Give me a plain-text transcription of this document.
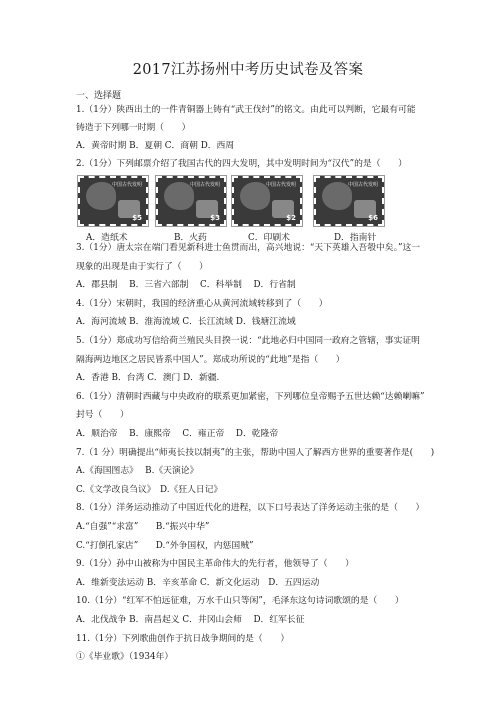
2017江苏扬州中考历史试卷及答案
一、选择题
1.（1分）陕西出土的一件青铜器上铸有“武王伐纣”的铭文。由此可以判断，它最有可能
铸造于下列哪一时期（　　）
A．黄帝时期 B．夏朝 C．商朝 D．西周
2.（1分）下列邮票介绍了我国古代的四大发明，其中发明时间为“汉代”的是（　　）
中国古代发明
$5
中国古代发明
$3
中国古代发明
$2
中国古代发明
$6
A．造纸术	B．火药	C．印刷术	D．指南针
3.（1分）唐太宗在端门看见新科进士鱼贯而出，高兴地说：“天下英雄入吾彀中矣。”这一
现象的出现是由于实行了（　　）
A．郡县制　 B．三省六部制　 C．科举制　 D．行省制
4.（1分）宋朝时，我国的经济重心从黄河流域转移到了（　　）
A．海河流域 B．淮海流域 C．长江流域 D．钱塘江流域
5.（1分）郑成功写信给荷兰殖民头目揆一说：“此地必归中国同一政府之管辖，事实证明
隔海两边地区之居民皆系中国人”。郑成功所说的“此地”是指（　　）
A．香港 B．台湾 C．澳门 D．新疆.
6.（1分）清朝时西藏与中央政府的联系更加紧密，下列哪位皇帝赐予五世达赖“达赖喇嘛”
封号（　　）
A．顺治帝　 B．康熙帝　 C．雍正帝　 D．乾隆帝
7.（1 分）明确提出“师夷长技以制夷”的主张，帮助中国人了解西方世界的重要著作是(　　)
A.《海国图志》　 B.《天演论》
C.《文学改良刍议》　D.《狂人日记》
8.（1分）洋务运动推动了中国近代化的进程，以下口号表达了洋务运动主张的是（　　）
A.“自强”“求富”　　B.“振兴中华”
C.“打倒孔家店”　　D.“外争国权，内惩国贼”
9.（1分）孙中山被称为中国民主革命伟大的先行者，他领导了（　　）
A．维新变法运动 B．辛亥革命 C．新文化运动　D．五四运动
10.（1分）“红军不怕远征难，万水千山只等闲”，毛泽东这句诗词歌颂的是（　　）
A．北伐战争 B．南昌起义 C．井冈山会师　 D．红军长征
11.（1分）下列歌曲创作于抗日战争期间的是（　　）
①《毕业歌》（1934年）
